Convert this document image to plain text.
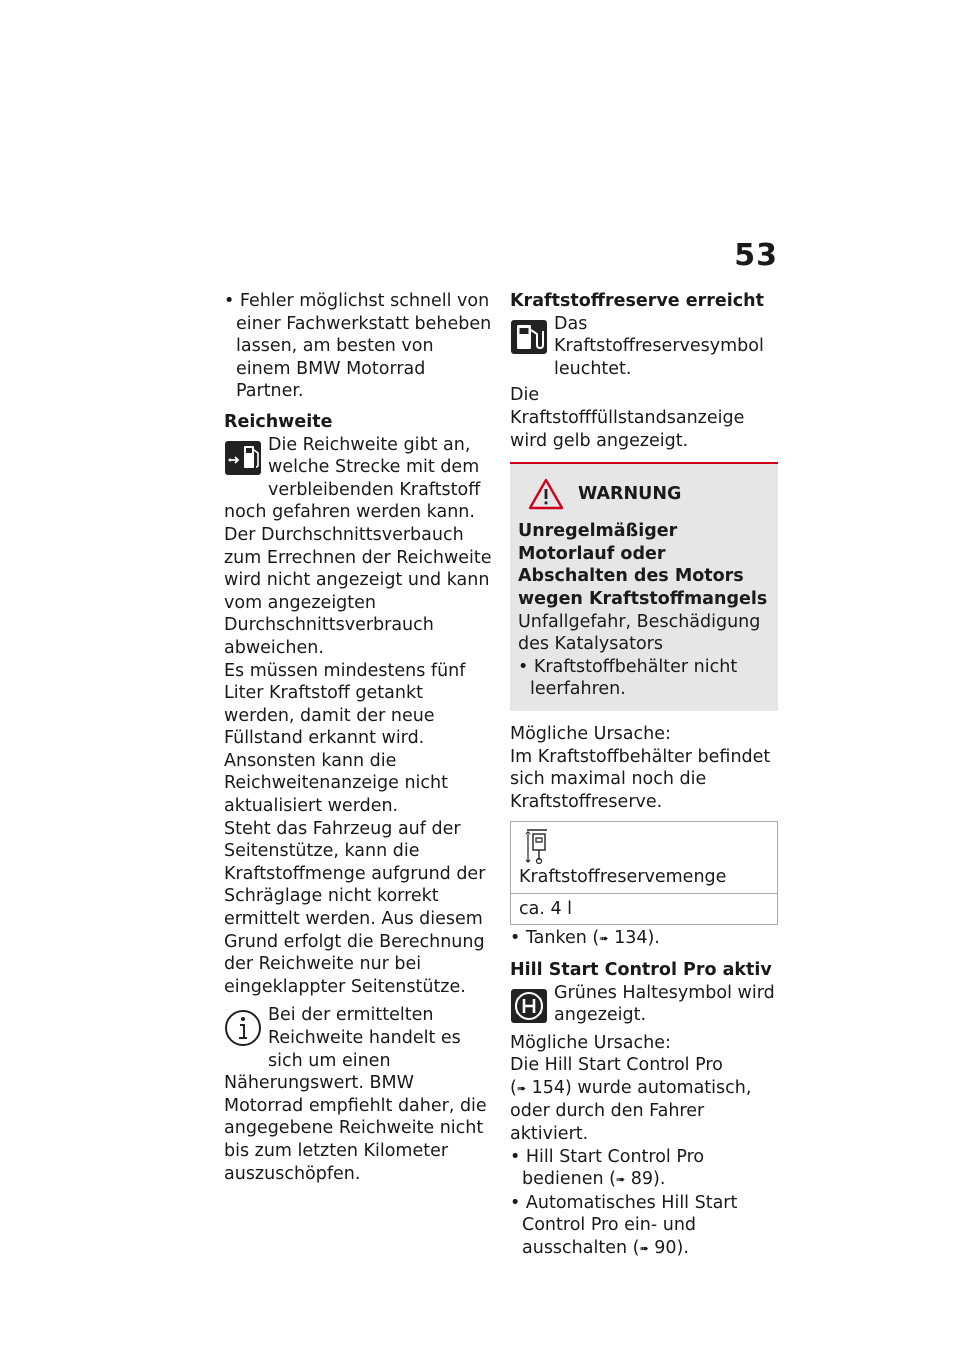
53

• Fehler möglichst schnell von einer Fachwerkstatt beheben lassen, am besten von einem BMW Motorrad Partner.

Reichweite

Die Reichweite gibt an, welche Strecke mit dem verbleibenden Kraftstoff noch gefahren werden kann. Der Durchschnittsverbauch zum Errechnen der Reichweite wird nicht angezeigt und kann vom angezeigten Durchschnittsverbrauch abweichen.

Es müssen mindestens fünf Liter Kraftstoff getankt werden, damit der neue Füllstand erkannt wird. Ansonsten kann die Reichweitenanzeige nicht aktualisiert werden.

Steht das Fahrzeug auf der Seitenstütze, kann die Kraftstoffmenge aufgrund der Schräglage nicht korrekt ermittelt werden. Aus diesem Grund erfolgt die Berechnung der Reichweite nur bei eingeklappter Seitenstütze.

Bei der ermittelten Reichweite handelt es sich um einen Näherungswert. BMW Motorrad empfiehlt daher, die angegebene Reichweite nicht bis zum letzten Kilometer auszuschöpfen.

Kraftstoffreserve erreicht

Das Kraftstoffreservesymbol leuchtet.

Die Kraftstofffüllstandsanzeige wird gelb angezeigt.

WARNUNG

Unregelmäßiger Motorlauf oder Abschalten des Motors wegen Kraftstoffmangels

Unfallgefahr, Beschädigung des Katalysators

• Kraftstoffbehälter nicht leerfahren.

Mögliche Ursache:

Im Kraftstoffbehälter befindet sich maximal noch die Kraftstoffreserve.

Kraftstoffreservemenge
ca. 4 l

• Tanken (➠ 134).

Hill Start Control Pro aktiv

Grünes Haltesymbol wird angezeigt.

Mögliche Ursache:

Die Hill Start Control Pro
(➠ 154) wurde automatisch, oder durch den Fahrer aktiviert.

• Hill Start Control Pro bedienen (➠ 89).

• Automatisches Hill Start Control Pro ein- und ausschalten (➠ 90).
